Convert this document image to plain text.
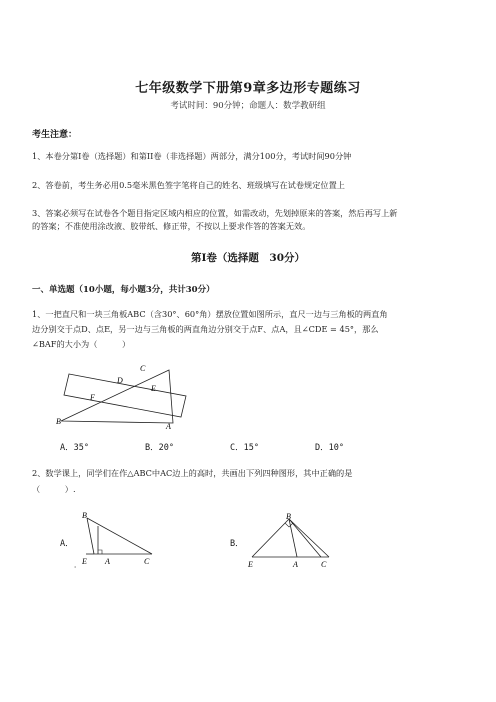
七年级数学下册第9章多边形专题练习
考试时间：90分钟；命题人：数学教研组
考生注意：
1、本卷分第I卷（选择题）和第II卷（非选择题）两部分，满分100分，考试时间90分钟
2、答卷前，考生务必用0.5毫米黑色签字笔将自己的姓名、班级填写在试卷规定位置上
3、答案必须写在试卷各个题目指定区域内相应的位置，如需改动，先划掉原来的答案，然后再写上新
的答案；不准使用涂改液、胶带纸、修正带，不按以上要求作答的答案无效。
第I卷（选择题　30分）
一、单选题（10小题，每小题3分，共计30分）
1、一把直尺和一块三角板ABC（含30°、60°角）摆放位置如图所示，直尺一边与三角板的两直角
边分别交于点D、点E，另一边与三角板的两直角边分别交于点F、点A，且∠CDE = 45°，那么
∠BAF的大小为（　　　）
C
D
E
F
B
A
A．35°	B．20°	C．15°	D．10°
2、数学课上，同学们在作△ABC中AC边上的高时，共画出下列四种图形，其中正确的是
（　　　）.
A．
B
E A	C
·
B．
B
E	A	C
